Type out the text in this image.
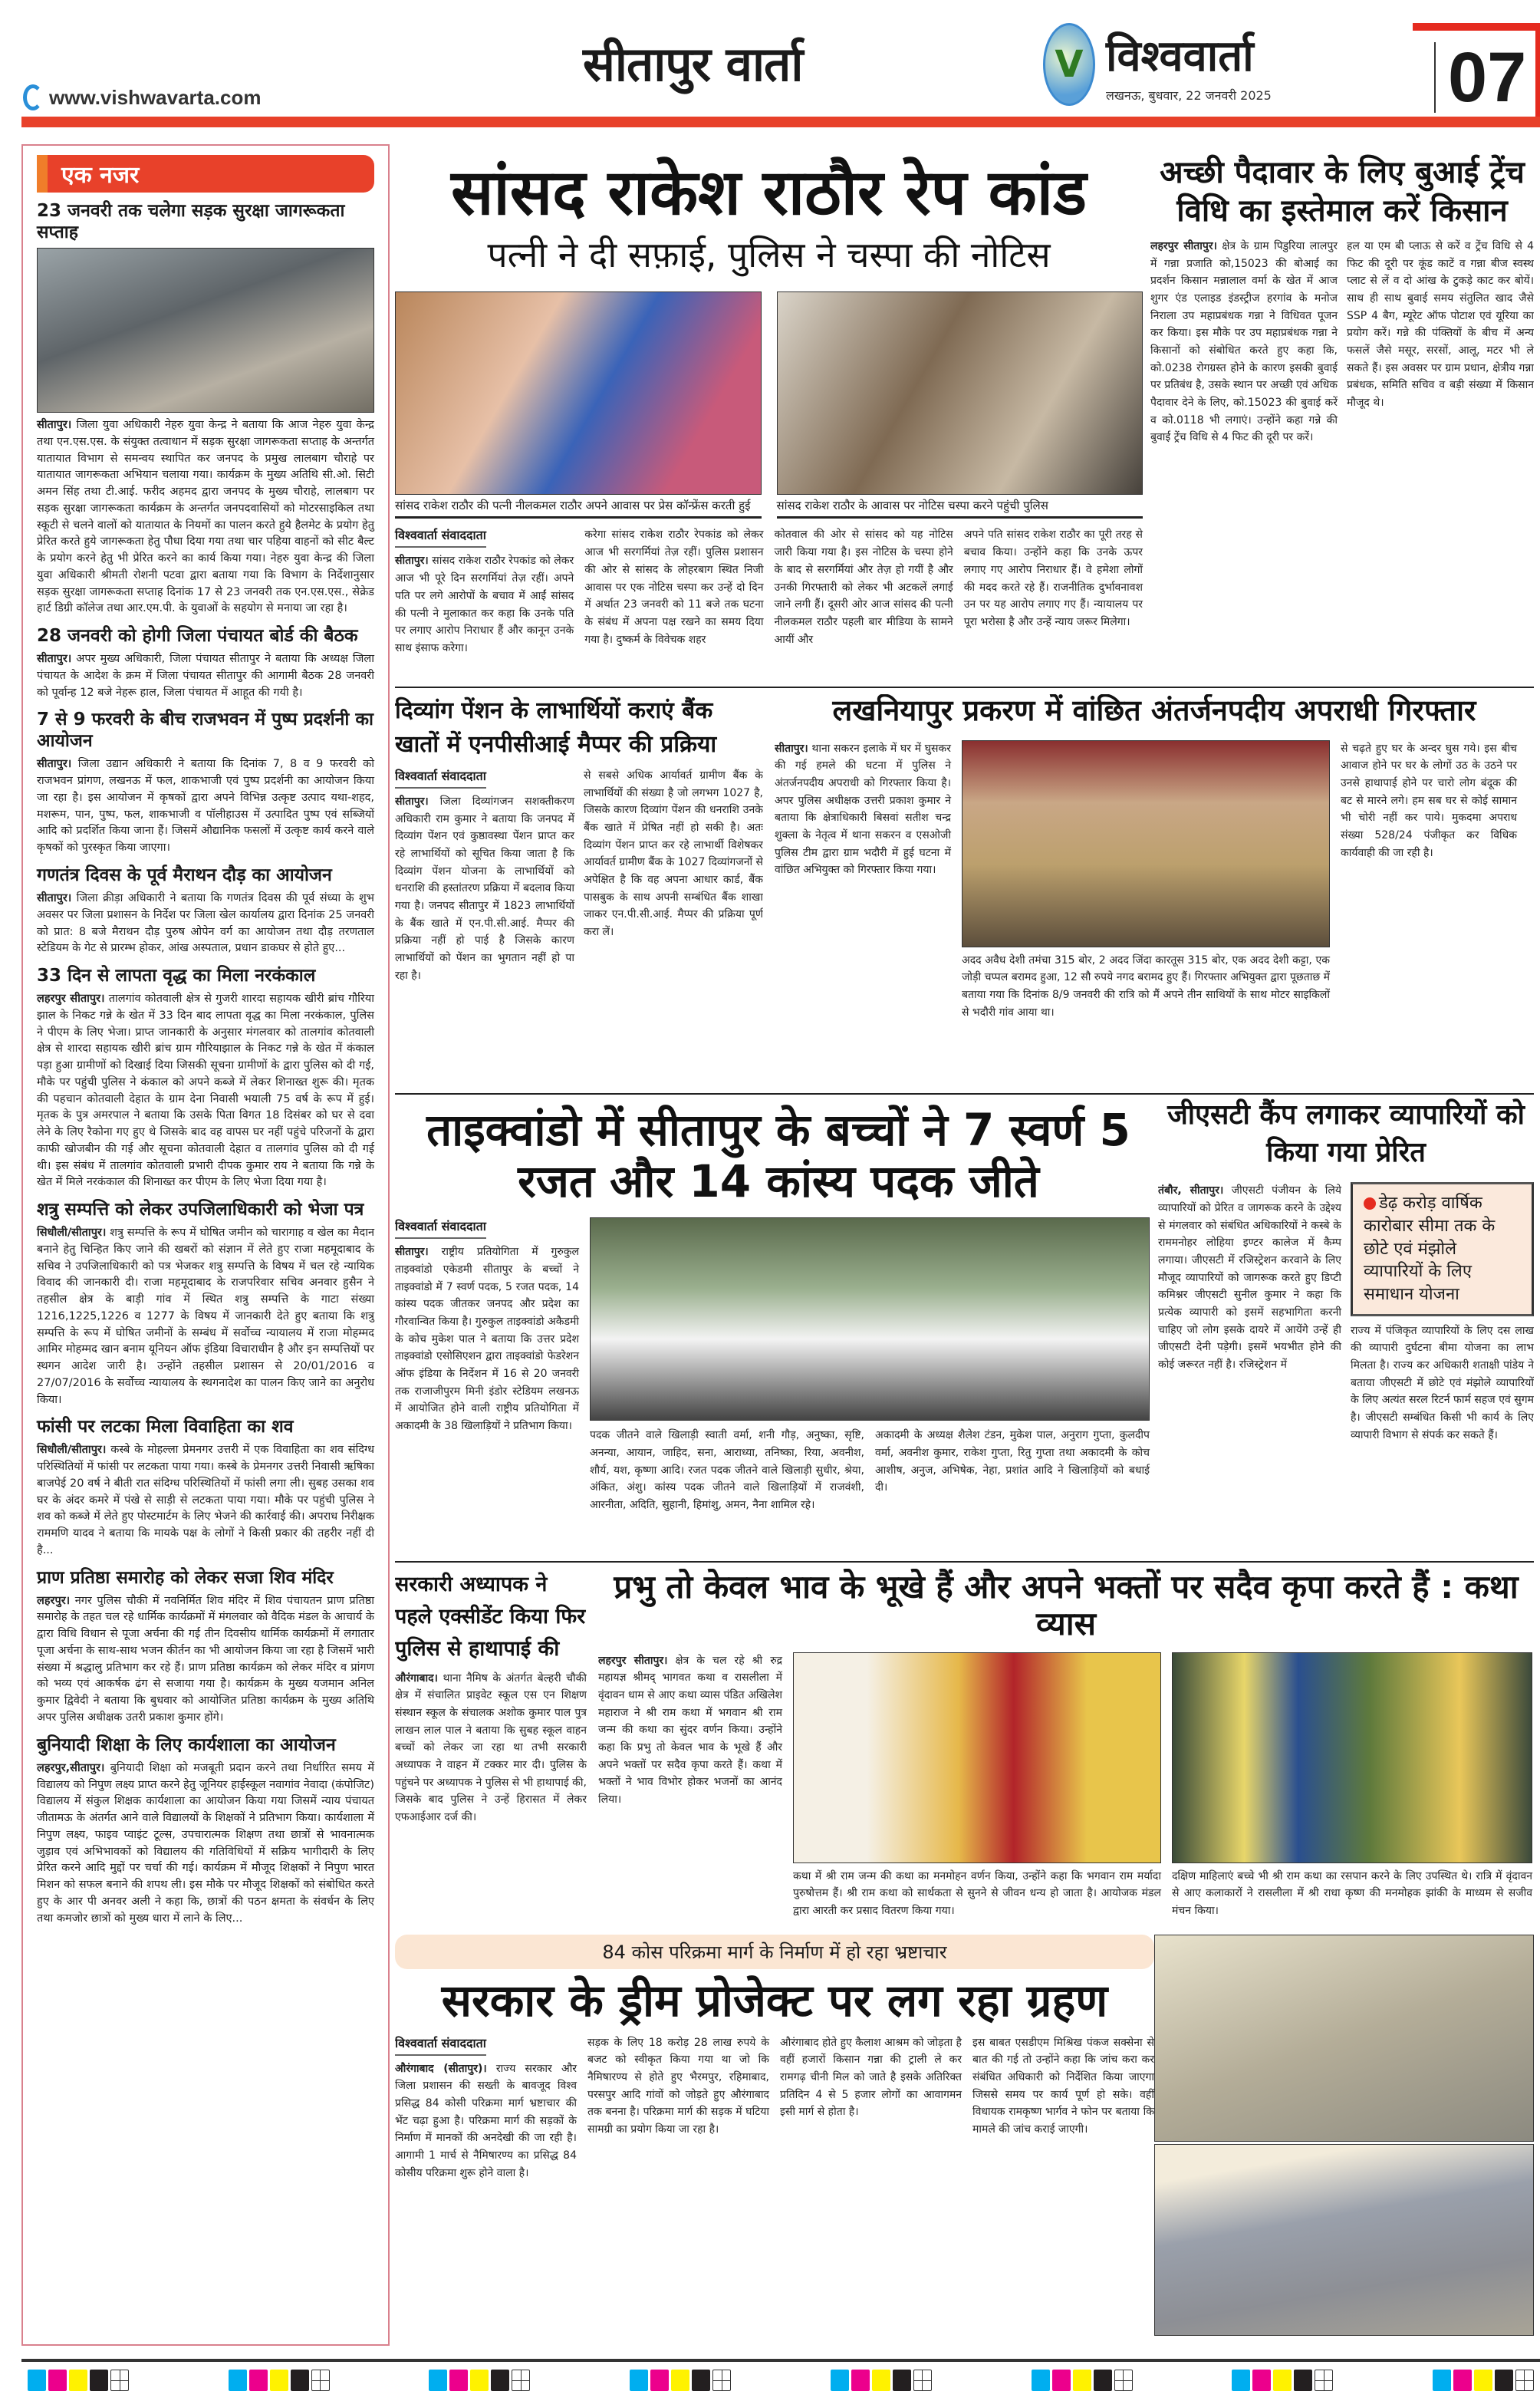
www.vishwavarta.com
सीतापुर वार्ता	V विश्ववार्ता
लखनऊ, बुधवार, 22 जनवरी 2025	07
एक नजर
23 जनवरी तक चलेगा सड़क सुरक्षा जागरूकता सप्ताह
सीतापुर। जिला युवा अधिकारी नेहरु युवा केन्द्र ने बताया कि आज नेहरु युवा केन्द्र तथा एन.एस.एस. के संयुक्त तत्वाधान में सड़क सुरक्षा जागरूकता सप्ताह के अन्तर्गत यातायात विभाग से समन्वय स्थापित कर जनपद के प्रमुख लालबाग चौराहे पर यातायात जागरूकता अभियान चलाया गया। कार्यक्रम के मुख्य अतिथि सी.ओ. सिटी अमन सिंह तथा टी.आई. फरीद अहमद द्वारा जनपद के मुख्य चौराहे, लालबाग पर सड़क सुरक्षा जागरूकता कार्यक्रम के अन्तर्गत जनपदवासियों को मोटरसाइकिल तथा स्कूटी से चलने वालों को यातायात के नियमों का पालन करते हुये हैलमेट के प्रयोग हेतु प्रेरित करते हुये जागरूकता हेतु पौधा दिया गया तथा चार पहिया वाहनों को सीट बैल्ट के प्रयोग करने हेतु भी प्रेरित करने का कार्य किया गया। नेहरु युवा केन्द्र की जिला युवा अधिकारी श्रीमती रोशनी पटवा द्वारा बताया गया कि विभाग के निर्देशानुसार सड़क सुरक्षा जागरूकता सप्ताह दिनांक 17 से 23 जनवरी तक एन.एस.एस., सेक्रेड हार्ट डिग्री कॉलेज तथा आर.एम.पी. के युवाओं के सहयोग से मनाया जा रहा है।
28 जनवरी को होगी जिला पंचायत बोर्ड की बैठक
सीतापुर। अपर मुख्य अधिकारी, जिला पंचायत सीतापुर ने बताया कि अध्यक्ष जिला पंचायत के आदेश के क्रम में जिला पंचायत सीतापुर की आगामी बैठक 28 जनवरी को पूर्वान्ह 12 बजे नेहरू हाल, जिला पंचायत में आहूत की गयी है।
7 से 9 फरवरी के बीच राजभवन में पुष्प प्रदर्शनी का आयोजन
सीतापुर। जिला उद्यान अधिकारी ने बताया कि दिनांक 7, 8 व 9 फरवरी को राजभवन प्रांगण, लखनऊ में फल, शाकभाजी एवं पुष्प प्रदर्शनी का आयोजन किया जा रहा है। इस आयोजन में कृषकों द्वारा अपने विभिन्न उत्कृष्ट उत्पाद यथा-शहद, मशरूम, पान, पुष्प, फल, शाकभाजी व पॉलीहाउस में उत्पादित पुष्प एवं सब्जियों आदि को प्रदर्शित किया जाना हैं। जिसमें औद्यानिक फसलों में उत्कृष्ट कार्य करने वाले कृषकों को पुरस्कृत किया जाएगा।
गणतंत्र दिवस के पूर्व मैराथन दौड़ का आयोजन
सीतापुर। जिला क्रीड़ा अधिकारी ने बताया कि गणतंत्र दिवस की पूर्व संध्या के शुभ अवसर पर जिला प्रशासन के निर्देश पर जिला खेल कार्यालय द्वारा दिनांक 25 जनवरी को प्रात: 8 बजे मैराथन दौड़ पुरुष ओपेन वर्ग का आयोजन तथा दौड़ तरणताल स्टेडियम के गेट से प्रारम्भ होकर, आंख अस्पताल, प्रधान डाकघर से होते हुए...
33 दिन से लापता वृद्ध का मिला नरकंकाल
लहरपुर सीतापुर। तालगांव कोतवाली क्षेत्र से गुजरी शारदा सहायक खीरी ब्रांच गौरिया झाल के निकट गन्ने के खेत में 33 दिन बाद लापता वृद्ध का मिला नरकंकाल, पुलिस ने पीएम के लिए भेजा। प्राप्त जानकारी के अनुसार मंगलवार को तालगांव कोतवाली क्षेत्र से शारदा सहायक खीरी ब्रांच ग्राम गौरियाझाल के निकट गन्ने के खेत में कंकाल पड़ा हुआ ग्रामीणों को दिखाई दिया जिसकी सूचना ग्रामीणों के द्वारा पुलिस को दी गई, मौके पर पहुंची पुलिस ने कंकाल को अपने कब्जे में लेकर शिनाख्त शुरू की। मृतक की पहचान कोतवाली देहात के ग्राम देना निवासी भयाली 75 वर्ष के रूप में हुई। मृतक के पुत्र अमरपाल ने बताया कि उसके पिता विगत 18 दिसंबर को घर से दवा लेने के लिए रैकोना गए हुए थे जिसके बाद वह वापस घर नहीं पहुंचे परिजनों के द्वारा काफी खोजबीन की गई और सूचना कोतवाली देहात व तालगांव पुलिस को दी गई थी। इस संबंध में तालगांव कोतवाली प्रभारी दीपक कुमार राय ने बताया कि गन्ने के खेत में मिले नरकंकाल की शिनाख्त कर पीएम के लिए भेजा दिया गया है।
शत्रु सम्पत्ति को लेकर उपजिलाधिकारी को भेजा पत्र
सिधौली/सीतापुर। शत्रु सम्पत्ति के रूप में घोषित जमीन को चारागाह व खेल का मैदान बनाने हेतु चिन्हित किए जाने की खबरों को संज्ञान में लेते हुए राजा महमूदाबाद के सचिव ने उपजिलाधिकारी को पत्र भेजकर शत्रु सम्पत्ति के विषय में चल रहे न्यायिक विवाद की जानकारी दी। राजा महमूदाबाद के राजपरिवार सचिव अनवार हुसैन ने तहसील क्षेत्र के बाड़ी गांव में स्थित शत्रु सम्पत्ति के गाटा संख्या 1216,1225,1226 व 1277 के विषय में जानकारी देते हुए बताया कि शत्रु सम्पत्ति के रूप में घोषित जमीनों के सम्बंध में सर्वोच्च न्यायालय में राजा मोहम्मद आमिर मोहम्मद खान बनाम यूनियन ऑफ इंडिया विचाराधीन है और इन सम्पत्तियों पर स्थगन आदेश जारी है। उन्होंने तहसील प्रशासन से 20/01/2016 व 27/07/2016 के सर्वोच्च न्यायालय के स्थगनादेश का पालन किए जाने का अनुरोध किया।
फांसी पर लटका मिला विवाहिता का शव
सिधौली/सीतापुर। कस्बे के मोहल्ला प्रेमनगर उत्तरी में एक विवाहिता का शव संदिग्ध परिस्थितियों में फांसी पर लटकता पाया गया। कस्बे के प्रेमनगर उत्तरी निवासी ऋषिका बाजपेई 20 वर्ष ने बीती रात संदिग्ध परिस्थितियों में फांसी लगा ली। सुबह उसका शव घर के अंदर कमरे में पंखे से साड़ी से लटकता पाया गया। मौके पर पहुंची पुलिस ने शव को कब्जे में लेते हुए पोस्टमार्टम के लिए भेजने की कार्रवाई की। अपराध निरीक्षक राममणि यादव ने बताया कि मायके पक्ष के लोगों ने किसी प्रकार की तहरीर नहीं दी है...
प्राण प्रतिष्ठा समारोह को लेकर सजा शिव मंदिर
लहरपुर। नगर पुलिस चौकी में नवनिर्मित शिव मंदिर में शिव पंचायतन प्राण प्रतिष्ठा समारोह के तहत चल रहे धार्मिक कार्यक्रमों में मंगलवार को वैदिक मंडल के आचार्य के द्वारा विधि विधान से पूजा अर्चना की गई तीन दिवसीय धार्मिक कार्यक्रमों में लगातार पूजा अर्चना के साथ-साथ भजन कीर्तन का भी आयोजन किया जा रहा है जिसमें भारी संख्या में श्रद्धालु प्रतिभाग कर रहे हैं। प्राण प्रतिष्ठा कार्यक्रम को लेकर मंदिर व प्रांगण को भव्य एवं आकर्षक ढंग से सजाया गया है। कार्यक्रम के मुख्य यजमान अनिल कुमार द्विवेदी ने बताया कि बुधवार को आयोजित प्रतिष्ठा कार्यक्रम के मुख्य अतिथि अपर पुलिस अधीक्षक उतरी प्रकाश कुमार होंगे।
बुनियादी शिक्षा के लिए कार्यशाला का आयोजन
लहरपुर,सीतापुर। बुनियादी शिक्षा को मजबूती प्रदान करने तथा निर्धारित समय में विद्यालय को निपुण लक्ष्य प्राप्त करने हेतु जूनियर हाईस्कूल नवागांव नेवादा (कंपोजिट) विद्यालय में संकुल शिक्षक कार्यशाला का आयोजन किया गया जिसमें न्याय पंचायत जीतामऊ के अंतर्गत आने वाले विद्यालयों के शिक्षकों ने प्रतिभाग किया। कार्यशाला में निपुण लक्ष्य, फाइव प्वाइंट टूल्स, उपचारात्मक शिक्षण तथा छात्रों से भावनात्मक जुड़ाव एवं अभिभावकों को विद्यालय की गतिविधियों में सक्रिय भागीदारी के लिए प्रेरित करने आदि मुद्दों पर चर्चा की गई। कार्यक्रम में मौजूद शिक्षकों ने निपुण भारत मिशन को सफल बनाने की शपथ ली। इस मौके पर मौजूद शिक्षकों को संबोधित करते हुए के आर पी अनवर अली ने कहा कि, छात्रों की पठन क्षमता के संवर्धन के लिए तथा कमजोर छात्रों को मुख्य धारा में लाने के लिए...
सांसद राकेश राठौर रेप कांड
पत्नी ने दी सफ़ाई, पुलिस ने चस्पा की नोटिस
सांसद राकेश राठौर की पत्नी नीलकमल राठौर अपने आवास पर प्रेस कॉन्फ्रेंस करती हुई	सांसद राकेश राठौर के आवास पर नोटिस चस्पा करने पहुंची पुलिस
विश्ववार्ता संवाददाता
सीतापुर। सांसद राकेश राठौर रेपकांड को लेकर आज भी पूरे दिन सरगर्मियां तेज़ रहीं। अपने पति पर लगे आरोपों के बचाव में आईं सांसद की पत्नी ने मुलाकात कर कहा कि उनके पति पर लगाए आरोप निराधार हैं और कानून उनके साथ इंसाफ करेगा।
करेगा सांसद राकेश राठौर रेपकांड को लेकर आज भी सरगर्मियां तेज़ रहीं। पुलिस प्रशासन की ओर से सांसद के लोहरबाग स्थित निजी आवास पर एक नोटिस चस्पा कर उन्हें दो दिन में अर्थात 23 जनवरी को 11 बजे तक घटना के संबंध में अपना पक्ष रखने का समय दिया गया है। दुष्कर्म के विवेचक शहर
कोतवाल की ओर से सांसद को यह नोटिस जारी किया गया है। इस नोटिस के चस्पा होने के बाद से सरगर्मियां और तेज़ हो गयीं है और उनकी गिरफ्तारी को लेकर भी अटकलें लगाई जाने लगी हैं। दूसरी ओर आज सांसद की पत्नी नीलकमल राठौर पहली बार मीडिया के सामने आयीं और
अपने पति सांसद राकेश राठौर का पूरी तरह से बचाव किया। उन्होंने कहा कि उनके ऊपर लगाए गए आरोप निराधार हैं। वे हमेशा लोगों की मदद करते रहे हैं। राजनीतिक दुर्भावनावश उन पर यह आरोप लगाए गए हैं। न्यायालय पर पूरा भरोसा है और उन्हें न्याय जरूर मिलेगा।
अच्छी पैदावार के लिए बुआई ट्रेंच विधि का इस्तेमाल करें किसान
लहरपुर सीतापुर। क्षेत्र के ग्राम पिडुरिया लालपुर में गन्ना प्रजाति को,15023 की बोआई का प्रदर्शन किसान मन्नालाल वर्मा के खेत में आज शुगर एंड एलाइड इंडस्ट्रीज हरगांव के मनोज निराला उप महाप्रबंधक गन्ना ने विधिवत पूजन कर किया। इस मौके पर उप महाप्रबंधक गन्ना ने किसानों को संबोधित करते हुए कहा कि, को.0238 रोगग्रस्त होने के कारण इसकी बुवाई पर प्रतिबंध है, उसके स्थान पर अच्छी एवं अधिक पैदावार देने के लिए, को.15023 की बुवाई करें व को.0118 भी लगाएं। उन्होंने कहा गन्ने की बुवाई ट्रेंच विधि से 4 फिट की दूरी पर करें।
हल या एम बी प्लाऊ से करें व ट्रेंच विधि से 4 फिट की दूरी पर कूंड काटें व गन्ना बीज स्वस्थ प्लाट से लें व दो आंख के टुकड़े काट कर बोयें। साथ ही साथ बुवाई समय संतुलित खाद जैसे SSP 4 बैग, म्यूरेट ऑफ पोटाश एवं यूरिया का प्रयोग करें। गन्ने की पंक्तियों के बीच में अन्य फसलें जैसे मसूर, सरसों, आलू, मटर भी ले सकते हैं। इस अवसर पर ग्राम प्रधान, क्षेत्रीय गन्ना प्रबंधक, समिति सचिव व बड़ी संख्या में किसान मौजूद थे।
दिव्यांग पेंशन के लाभार्थियों कराएं बैंक खातों में एनपीसीआई मैप्पर की प्रक्रिया
विश्ववार्ता संवाददाता
सीतापुर। जिला दिव्यांगजन सशक्तीकरण अधिकारी राम कुमार ने बताया कि जनपद में दिव्यांग पेंशन एवं कुष्ठावस्था पेंशन प्राप्त कर रहे लाभार्थियों को सूचित किया जाता है कि दिव्यांग पेंशन योजना के लाभार्थियों को धनराशि की हस्तांतरण प्रक्रिया में बदलाव किया गया है। जनपद सीतापुर में 1823 लाभार्थियों के बैंक खाते में एन.पी.सी.आई. मैप्पर की प्रक्रिया नहीं हो पाई है जिसके कारण लाभार्थियों को पेंशन का भुगतान नहीं हो पा रहा है।
से सबसे अधिक आर्यावर्त ग्रामीण बैंक के लाभार्थियों की संख्या है जो लगभग 1027 है, जिसके कारण दिव्यांग पेंशन की धनराशि उनके बैंक खाते में प्रेषित नहीं हो सकी है। अतः दिव्यांग पेंशन प्राप्त कर रहे लाभार्थी विशेषकर आर्यावर्त ग्रामीण बैंक के 1027 दिव्यांगजनों से अपेक्षित है कि वह अपना आधार कार्ड, बैंक पासबुक के साथ अपनी सम्बंधित बैंक शाखा जाकर एन.पी.सी.आई. मैप्पर की प्रक्रिया पूर्ण करा लें।
लखनियापुर प्रकरण में वांछित अंतर्जनपदीय अपराधी गिरफ्तार
सीतापुर। थाना सकरन इलाके में घर में घुसकर की गई हमले की घटना में पुलिस ने अंतर्जनपदीय अपराधी को गिरफ्तार किया है। अपर पुलिस अधीक्षक उत्तरी प्रकाश कुमार ने बताया कि क्षेत्राधिकारी बिसवां सतीश चन्द्र शुक्ला के नेतृत्व में थाना सकरन व एसओजी पुलिस टीम द्वारा ग्राम भदौरी में हुई घटना में वांछित अभियुक्त को गिरफ्तार किया गया।
अदद अवैध देशी तमंचा 315 बोर, 2 अदद जिंदा कारतूस 315 बोर, एक अदद देशी कट्टा, एक जोड़ी चप्पल बरामद हुआ, 12 सौ रुपये नगद बरामद हुए हैं। गिरफ्तार अभियुक्त द्वारा पूछताछ में बताया गया कि दिनांक 8/9 जनवरी की रात्रि को मैं अपने तीन साथियों के साथ मोटर साइकिलों से भदौरी गांव आया था।
से चढ़ते हुए घर के अन्दर घुस गये। इस बीच आवाज होने पर घर के लोगों उठ के उठने पर उनसे हाथापाई होने पर चारो लोग बंदूक की बट से मारने लगे। हम सब घर से कोई सामान भी चोरी नहीं कर पाये। मुकदमा अपराध संख्या 528/24 पंजीकृत कर विधिक कार्यवाही की जा रही है।
ताइक्वांडो में सीतापुर के बच्चों ने 7 स्वर्ण 5 रजत और 14 कांस्य पदक जीते
विश्ववार्ता संवाददाता
सीतापुर। राष्ट्रीय प्रतियोगिता में गुरुकुल ताइक्वांडो एकेडमी सीतापुर के बच्चों ने ताइक्वांडो में 7 स्वर्ण पदक, 5 रजत पदक, 14 कांस्य पदक जीतकर जनपद और प्रदेश का गौरवान्वित किया है। गुरुकुल ताइक्वांडो अकैडमी के कोच मुकेश पाल ने बताया कि उत्तर प्रदेश ताइक्वांडो एसोसिएशन द्वारा ताइक्वांडो फेडरेशन ऑफ इंडिया के निर्देशन में 16 से 20 जनवरी तक राजाजीपुरम मिनी इंडोर स्टेडियम लखनऊ में आयोजित होने वाली राष्ट्रीय प्रतियोगिता में अकादमी के 38 खिलाड़ियों ने प्रतिभाग किया।
पदक जीतने वाले खिलाड़ी स्वाती वर्मा, शनी गौड़, अनुष्का, सृष्टि, अनन्या, आयान, जाहिद, सना, आराध्या, तनिष्का, रिया, अवनीश, शौर्य, यश, कृष्णा आदि। रजत पदक जीतने वाले खिलाड़ी सुधीर, श्रेया, अंकित, अंशु। कांस्य पदक जीतने वाले खिलाड़ियों में राजवंशी, आरनीता, अदिति, सुहानी, हिमांशु, अमन, नैना शामिल रहे।
अकादमी के अध्यक्ष शैलेश टंडन, मुकेश पाल, अनुराग गुप्ता, कुलदीप वर्मा, अवनीश कुमार, राकेश गुप्ता, रितु गुप्ता तथा अकादमी के कोच आशीष, अनुज, अभिषेक, नेहा, प्रशांत आदि ने खिलाड़ियों को बधाई दी।
जीएसटी कैंप लगाकर व्यापारियों को किया गया प्रेरित
तंबौर, सीतापुर। जीएसटी पंजीयन के लिये व्यापारियों को प्रेरित व जागरूक करने के उद्देश्य से मंगलवार को संबंधित अधिकारियों ने कस्बे के राममनोहर लोहिया इण्टर कालेज में कैम्प लगाया। जीएसटी में रजिस्ट्रेशन करवाने के लिए मौजूद व्यापारियों को जागरूक करते हुए डिप्टी कमिश्नर जीएसटी सुनील कुमार ने कहा कि प्रत्येक व्यापारी को इसमें सहभागिता करनी चाहिए जो लोग इसके दायरे में आयेंगे उन्हें ही जीएसटी देनी पड़ेगी। इसमें भयभीत होने की कोई जरूरत नहीं है। रजिस्ट्रेशन में
डेढ़ करोड़ वार्षिक कारोबार सीमा तक के छोटे एवं मंझोले व्यापारियों के लिए समाधान योजना
राज्य में पंजिकृत व्यापारियों के लिए दस लाख की व्यापारी दुर्घटना बीमा योजना का लाभ मिलता है। राज्य कर अधिकारी शताक्षी पांडेय ने बताया जीएसटी में छोटे एवं मंझोले व्यापारियों के लिए अत्यंत सरल रिटर्न फार्म सहज एवं सुगम है। जीएसटी सम्बंधित किसी भी कार्य के लिए व्यापारी विभाग से संपर्क कर सकते हैं।
सरकारी अध्यापक ने पहले एक्सीडेंट किया फिर पुलिस से हाथापाई की
औरंगाबाद। थाना नैमिष के अंतर्गत बेल्हरी चौकी क्षेत्र में संचालित प्राइवेट स्कूल एस एन शिक्षण संस्थान स्कूल के संचालक अशोक कुमार पाल पुत्र लाखन लाल पाल ने बताया कि सुबह स्कूल वाहन बच्चों को लेकर जा रहा था तभी सरकारी अध्यापक ने वाहन में टक्कर मार दी। पुलिस के पहुंचने पर अध्यापक ने पुलिस से भी हाथापाई की, जिसके बाद पुलिस ने उन्हें हिरासत में लेकर एफआईआर दर्ज की।
प्रभु तो केवल भाव के भूखे हैं और अपने भक्तों पर सदैव कृपा करते हैं : कथा व्यास
लहरपुर सीतापुर। क्षेत्र के चल रहे श्री रुद्र महायज्ञ श्रीमद् भागवत कथा व रासलीला में वृंदावन धाम से आए कथा व्यास पंडित अखिलेश महाराज ने श्री राम कथा में भगवान श्री राम जन्म की कथा का सुंदर वर्णन किया। उन्होंने कहा कि प्रभु तो केवल भाव के भूखे हैं और अपने भक्तों पर सदैव कृपा करते हैं। कथा में भक्तों ने भाव विभोर होकर भजनों का आनंद लिया।
कथा में श्री राम जन्म की कथा का मनमोहन वर्णन किया, उन्होंने कहा कि भगवान राम मर्यादा पुरुषोत्तम हैं। श्री राम कथा को सार्थकता से सुनने से जीवन धन्य हो जाता है। आयोजक मंडल द्वारा आरती कर प्रसाद वितरण किया गया।
दक्षिण माहिलाएं बच्चे भी श्री राम कथा का रसपान करने के लिए उपस्थित थे। रात्रि में वृंदावन से आए कलाकारों ने रासलीला में श्री राधा कृष्ण की मनमोहक झांकी के माध्यम से सजीव मंचन किया।
84 कोस परिक्रमा मार्ग के निर्माण में हो रहा भ्रष्टाचार
सरकार के ड्रीम प्रोजेक्ट पर लग रहा ग्रहण
विश्ववार्ता संवाददाता
औरंगाबाद (सीतापुर)। राज्य सरकार और जिला प्रशासन की सख्ती के बावजूद विश्व प्रसिद्ध 84 कोसी परिक्रमा मार्ग भ्रष्टाचार की भेंट चढ़ा हुआ है। परिक्रमा मार्ग की सड़कों के निर्माण में मानकों की अनदेखी की जा रही है। आगामी 1 मार्च से नैमिषारण्य का प्रसिद्ध 84 कोसीय परिक्रमा शुरू होने वाला है।
सड़क के लिए 18 करोड़ 28 लाख रुपये के बजट को स्वीकृत किया गया था जो कि नैमिषारण्य से होते हुए भैरमपुर, रहिमाबाद, परसपुर आदि गांवों को जोड़ते हुए औरंगाबाद तक बनना है। परिक्रमा मार्ग की सड़क में घटिया सामग्री का प्रयोग किया जा रहा है।
औरंगाबाद होते हुए कैलाश आश्रम को जोड़ता है वहीं हजारों किसान गन्ना की ट्राली ले कर रामगढ़ चीनी मिल को जाते है इसके अतिरिक्त प्रतिदिन 4 से 5 हजार लोगों का आवागमन इसी मार्ग से होता है।
इस बाबत एसडीएम मिश्रिख पंकज सक्सेना से बात की गई तो उन्होंने कहा कि जांच करा कर संबंधित अधिकारी को निर्देशित किया जाएगा जिससे समय पर कार्य पूर्ण हो सके। वहीं विधायक रामकृष्ण भार्गव ने फोन पर बताया कि मामले की जांच कराई जाएगी।
